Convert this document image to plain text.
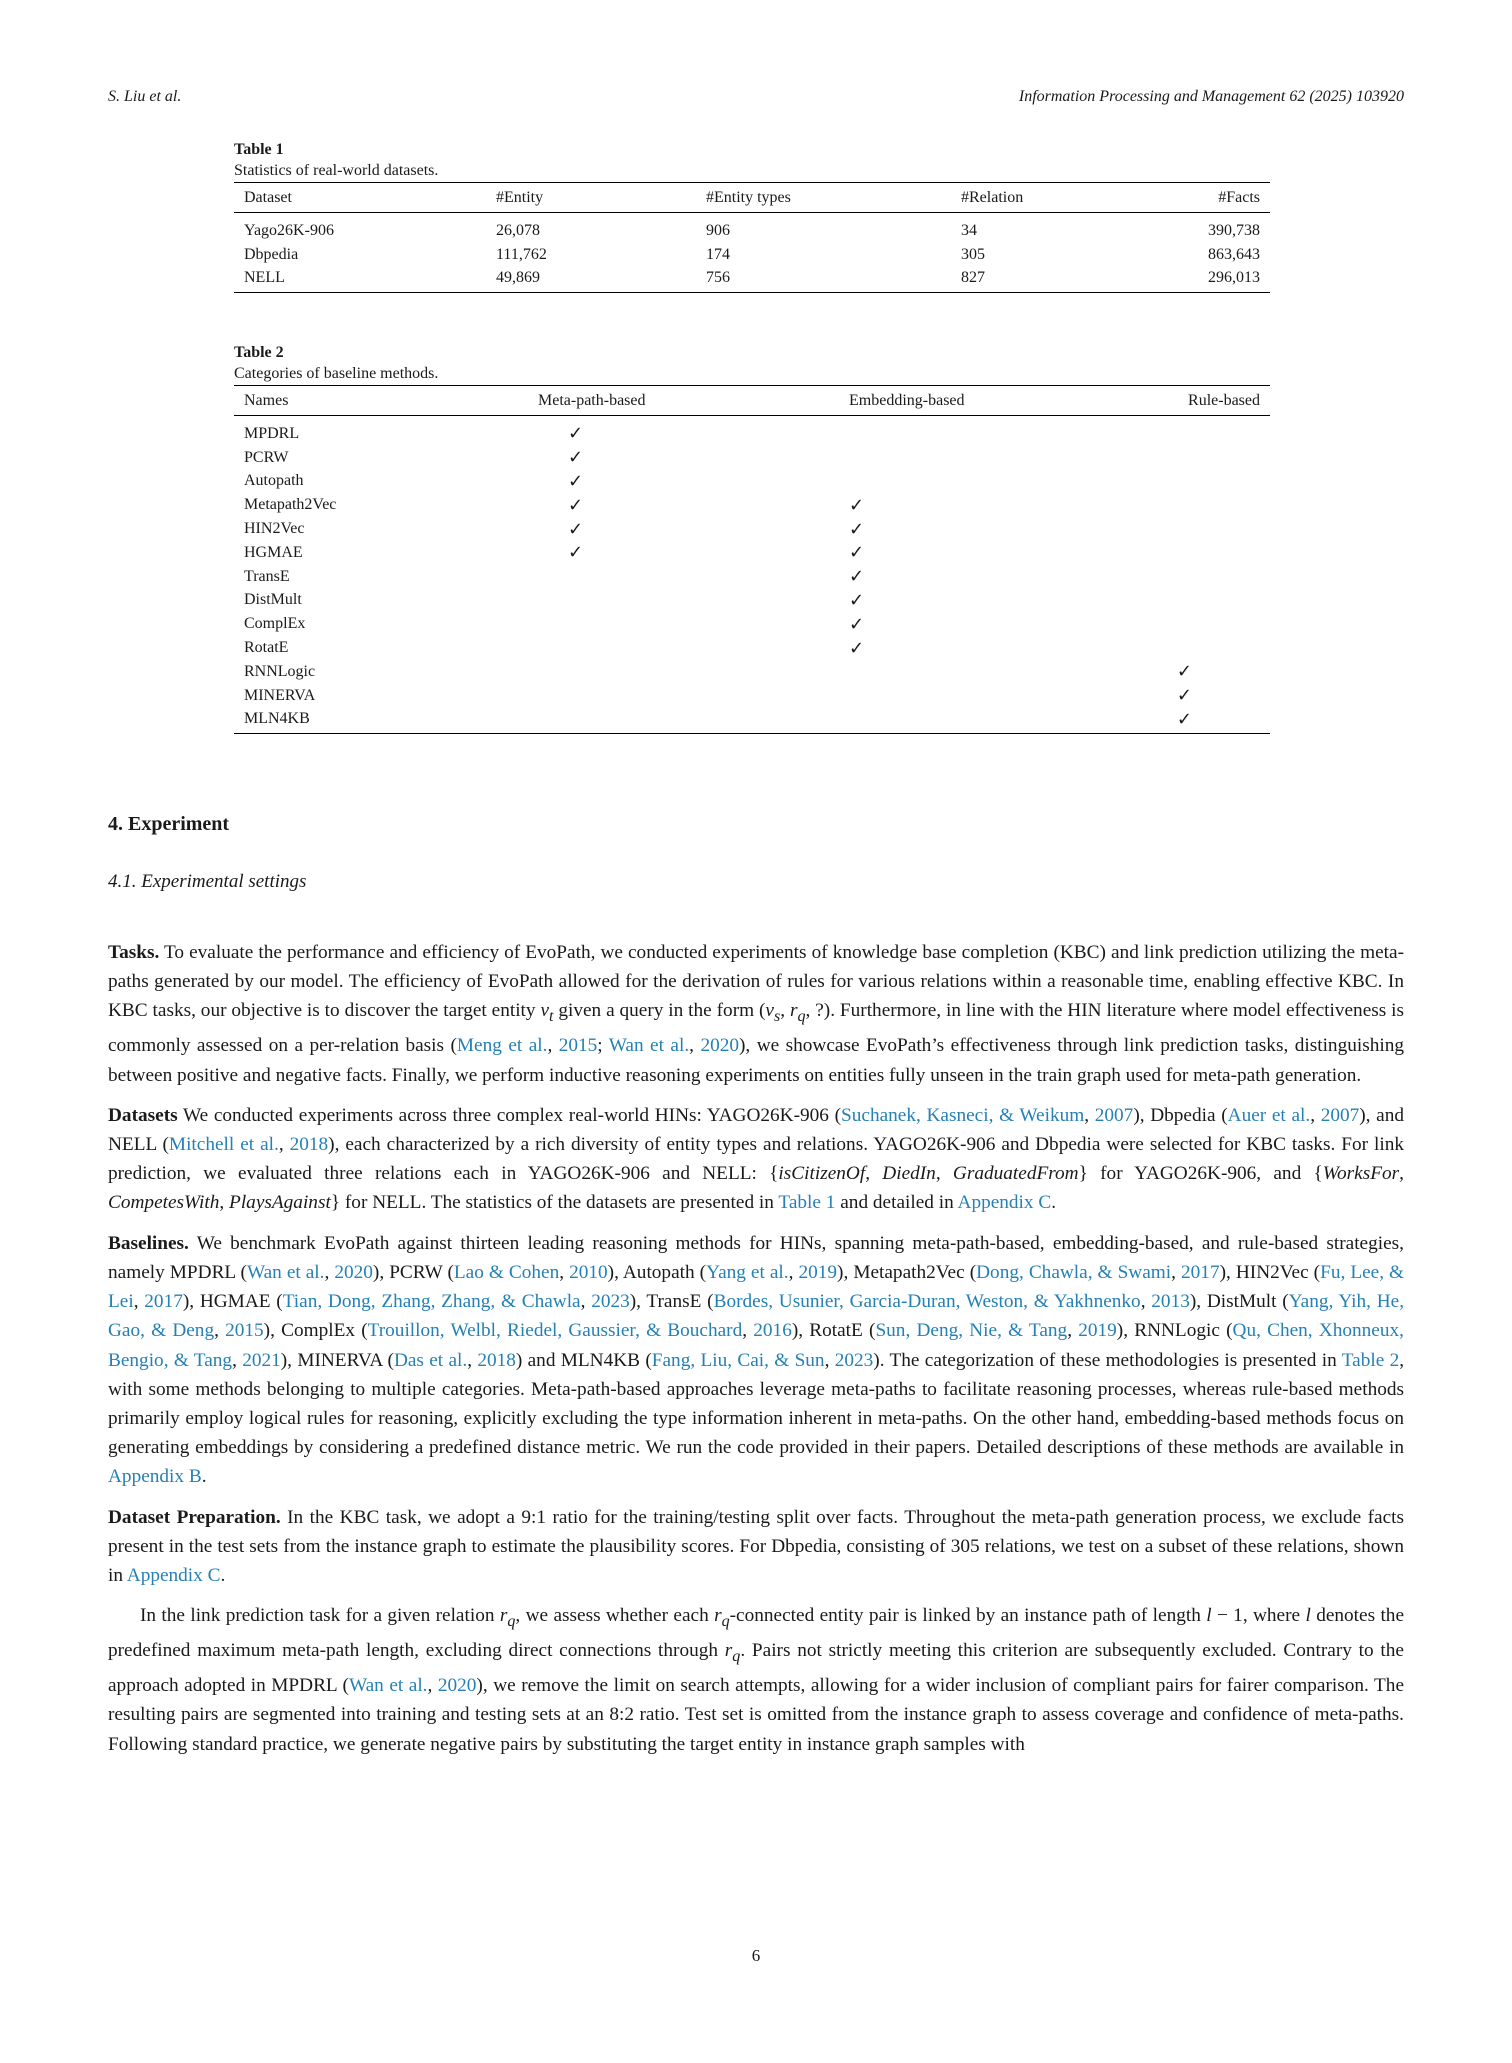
S. Liu et al.	Information Processing and Management 62 (2025) 103920
Table 1
Statistics of real-world datasets.
Dataset	#Entity	#Entity types	#Relation	#Facts
Yago26K-906	26,078	906	34	390,738
Dbpedia	111,762	174	305	863,643
NELL	49,869	756	827	296,013
Table 2
Categories of baseline methods.
Names	Meta-path-based	Embedding-based	Rule-based
MPDRL	✓		
PCRW	✓		
Autopath	✓		
Metapath2Vec	✓	✓	
HIN2Vec	✓	✓	
HGMAE	✓	✓	
TransE		✓	
DistMult		✓	
ComplEx		✓	
RotatE		✓	
RNNLogic			✓
MINERVA			✓
MLN4KB			✓
4. Experiment
4.1. Experimental settings

Tasks. To evaluate the performance and efficiency of EvoPath, we conducted experiments of knowledge base completion (KBC) and link prediction utilizing the meta-paths generated by our model. The efficiency of EvoPath allowed for the derivation of rules for various relations within a reasonable time, enabling effective KBC. In KBC tasks, our objective is to discover the target entity $v_t$ given a query in the form ($v_s$, $r_q$, ?). Furthermore, in line with the HIN literature where model effectiveness is commonly assessed on a per-relation basis (Meng et al., 2015; Wan et al., 2020), we showcase EvoPath’s effectiveness through link prediction tasks, distinguishing between positive and negative facts. Finally, we perform inductive reasoning experiments on entities fully unseen in the train graph used for meta-path generation.

Datasets We conducted experiments across three complex real-world HINs: YAGO26K-906 (Suchanek, Kasneci, & Weikum, 2007), Dbpedia (Auer et al., 2007), and NELL (Mitchell et al., 2018), each characterized by a rich diversity of entity types and relations. YAGO26K-906 and Dbpedia were selected for KBC tasks. For link prediction, we evaluated three relations each in YAGO26K-906 and NELL: {isCitizenOf, DiedIn, GraduatedFrom} for YAGO26K-906, and {WorksFor, CompetesWith, PlaysAgainst} for NELL. The statistics of the datasets are presented in Table 1 and detailed in Appendix C.

Baselines. We benchmark EvoPath against thirteen leading reasoning methods for HINs, spanning meta-path-based, embedding-based, and rule-based strategies, namely MPDRL (Wan et al., 2020), PCRW (Lao & Cohen, 2010), Autopath (Yang et al., 2019), Metapath2Vec (Dong, Chawla, & Swami, 2017), HIN2Vec (Fu, Lee, & Lei, 2017), HGMAE (Tian, Dong, Zhang, Zhang, & Chawla, 2023), TransE (Bordes, Usunier, Garcia-Duran, Weston, & Yakhnenko, 2013), DistMult (Yang, Yih, He, Gao, & Deng, 2015), ComplEx (Trouillon, Welbl, Riedel, Gaussier, & Bouchard, 2016), RotatE (Sun, Deng, Nie, & Tang, 2019), RNNLogic (Qu, Chen, Xhonneux, Bengio, & Tang, 2021), MINERVA (Das et al., 2018) and MLN4KB (Fang, Liu, Cai, & Sun, 2023). The categorization of these methodologies is presented in Table 2, with some methods belonging to multiple categories. Meta-path-based approaches leverage meta-paths to facilitate reasoning processes, whereas rule-based methods primarily employ logical rules for reasoning, explicitly excluding the type information inherent in meta-paths. On the other hand, embedding-based methods focus on generating embeddings by considering a predefined distance metric. We run the code provided in their papers. Detailed descriptions of these methods are available in Appendix B.

Dataset Preparation. In the KBC task, we adopt a 9:1 ratio for the training/testing split over facts. Throughout the meta-path generation process, we exclude facts present in the test sets from the instance graph to estimate the plausibility scores. For Dbpedia, consisting of 305 relations, we test on a subset of these relations, shown in Appendix C.

In the link prediction task for a given relation $r_q$, we assess whether each $r_q$-connected entity pair is linked by an instance path of length l − 1, where l denotes the predefined maximum meta-path length, excluding direct connections through $r_q$. Pairs not strictly meeting this criterion are subsequently excluded. Contrary to the approach adopted in MPDRL (Wan et al., 2020), we remove the limit on search attempts, allowing for a wider inclusion of compliant pairs for fairer comparison. The resulting pairs are segmented into training and testing sets at an 8:2 ratio. Test set is omitted from the instance graph to assess coverage and confidence of meta-paths. Following standard practice, we generate negative pairs by substituting the target entity in instance graph samples with

6
